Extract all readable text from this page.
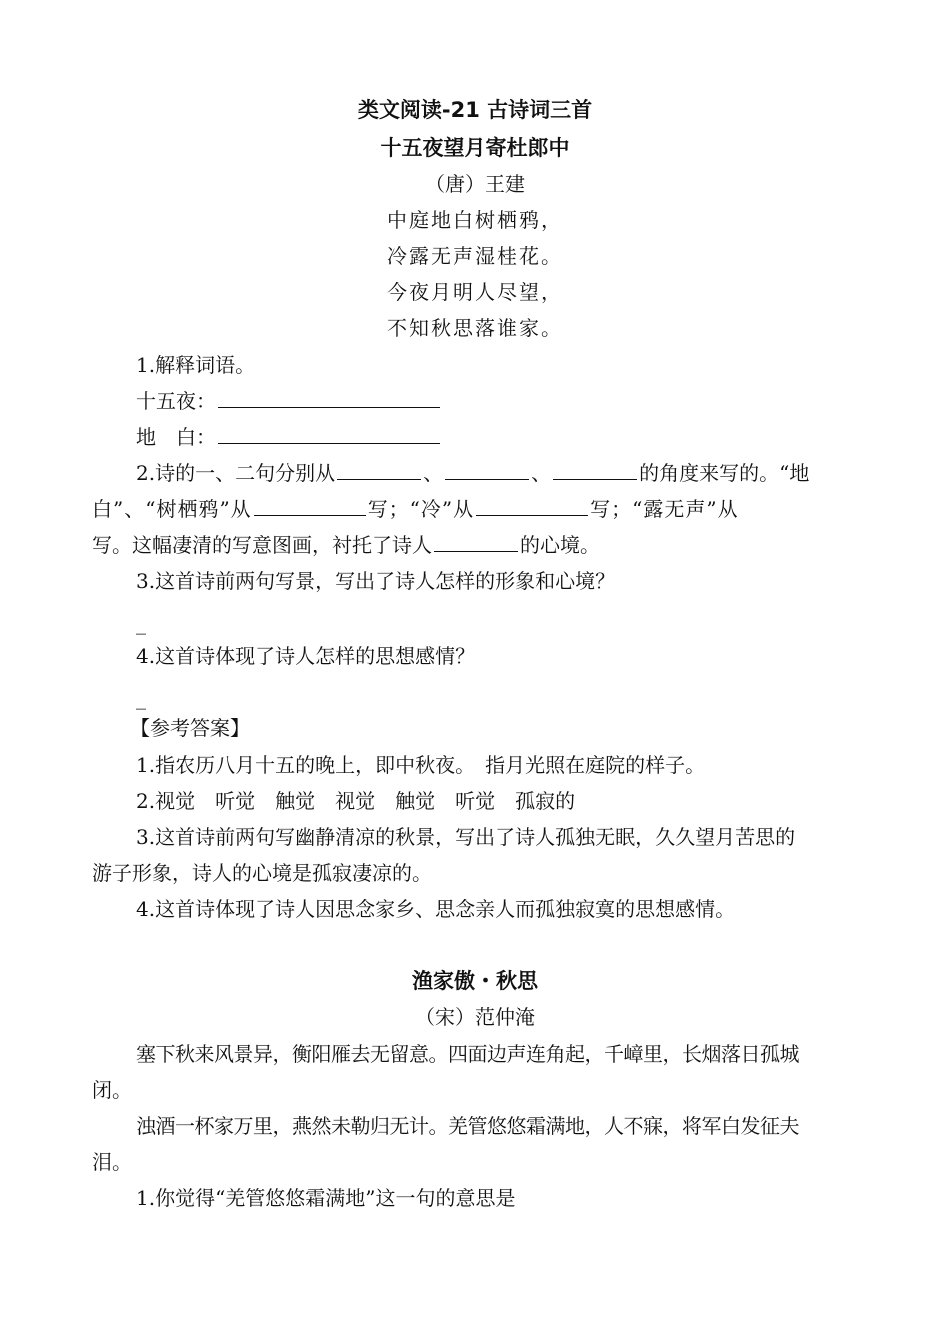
类文阅读-21 古诗词三首
十五夜望月寄杜郎中
（唐）王建
中庭地白树栖鸦，
冷露无声湿桂花。
今夜月明人尽望，
不知秋思落谁家。
1.解释词语。
十五夜：
地　白：
2.诗的一、二句分别从	、	、	的角度来写的。“地
白”、“树栖鸦”从	写；“冷”从	写；“露无声”从
写。这幅凄清的写意图画，衬托了诗人	的心境。
3.这首诗前两句写景，写出了诗人怎样的形象和心境？
_
4.这首诗体现了诗人怎样的思想感情？
_
【参考答案】
1.指农历八月十五的晚上，即中秋夜。　指月光照在庭院的样子。
2.视觉　听觉　触觉　视觉　触觉　听觉　孤寂的
3.这首诗前两句写幽静清凉的秋景，写出了诗人孤独无眠，久久望月苦思的
游子形象，诗人的心境是孤寂凄凉的。
4.这首诗体现了诗人因思念家乡、思念亲人而孤独寂寞的思想感情。
渔家傲・秋思
（宋）范仲淹
塞下秋来风景异，衡阳雁去无留意。四面边声连角起，千嶂里，长烟落日孤城
闭。
浊酒一杯家万里，燕然未勒归无计。羌管悠悠霜满地，人不寐，将军白发征夫
泪。
1.你觉得“羌管悠悠霜满地”这一句的意思是
